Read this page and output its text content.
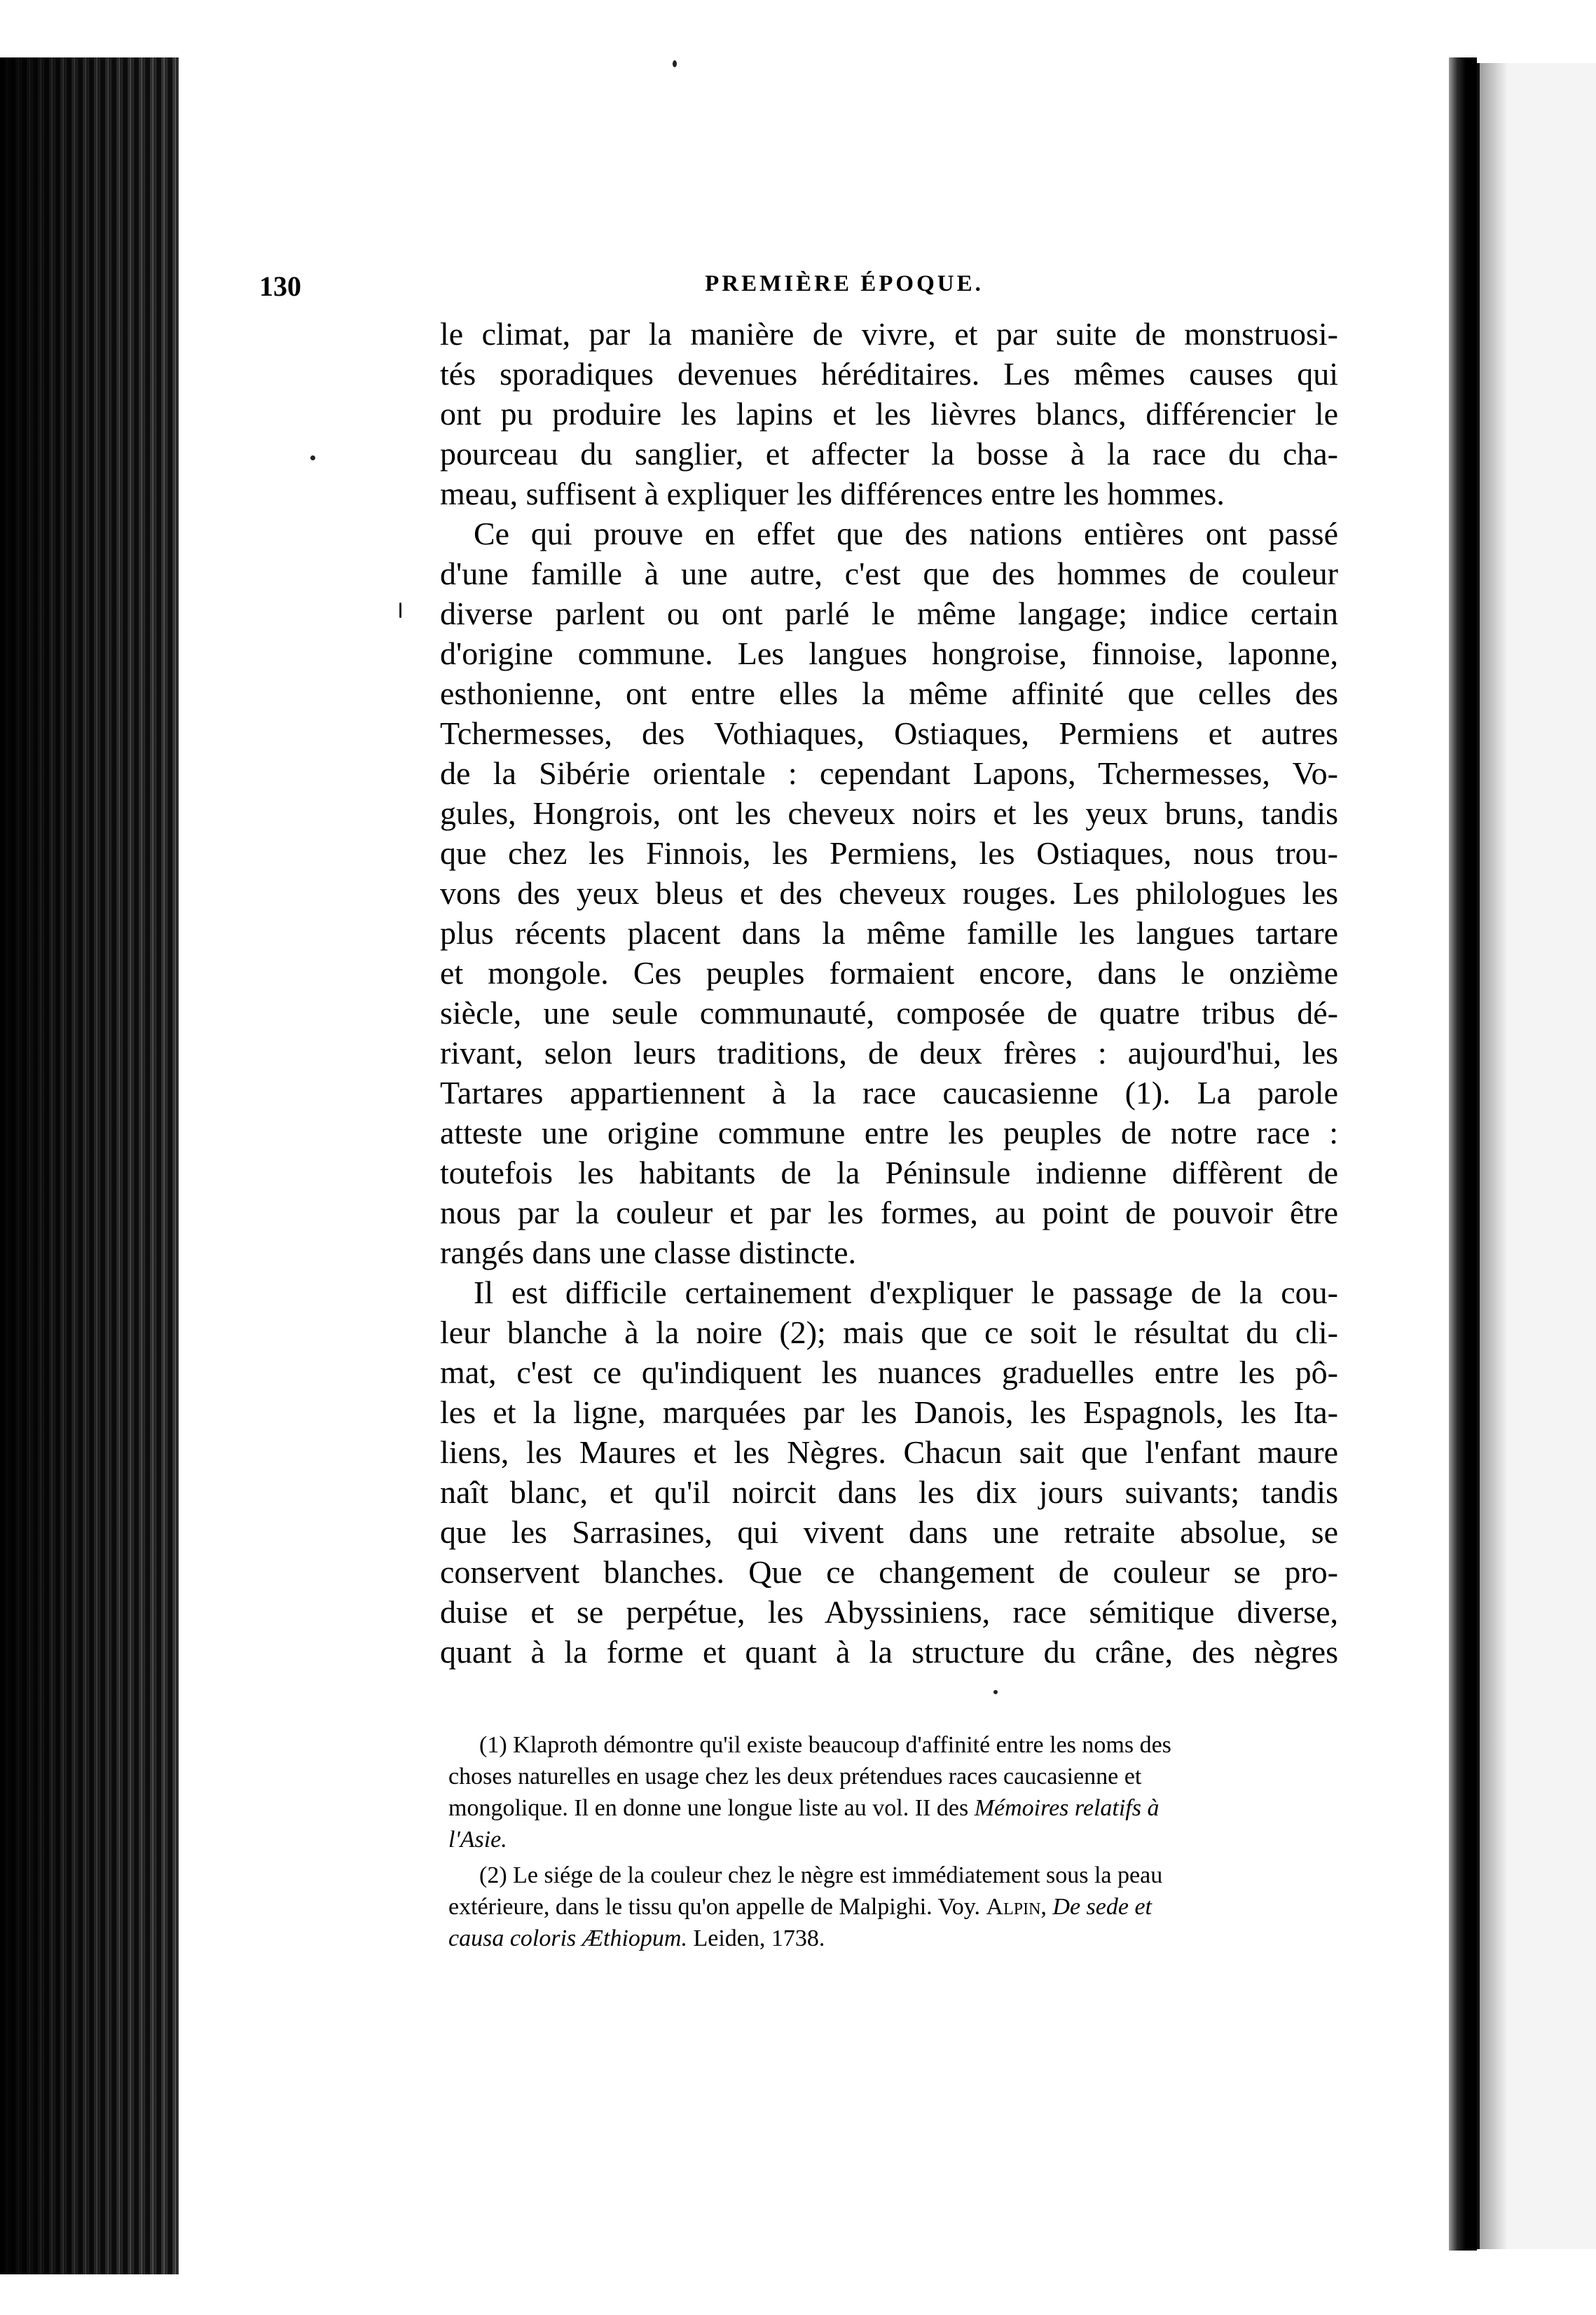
130	PREMIÈRE ÉPOQUE.

le climat, par la manière de vivre, et par suite de monstruosi-
tés sporadiques devenues héréditaires. Les mêmes causes qui
ont pu produire les lapins et les lièvres blancs, différencier le
pourceau du sanglier, et affecter la bosse à la race du cha-
meau, suffisent à expliquer les différences entre les hommes.

Ce qui prouve en effet que des nations entières ont passé
d'une famille à une autre, c'est que des hommes de couleur
diverse parlent ou ont parlé le même langage; indice certain
d'origine commune. Les langues hongroise, finnoise, laponne,
esthonienne, ont entre elles la même affinité que celles des
Tchermesses, des Vothiaques, Ostiaques, Permiens et autres
de la Sibérie orientale : cependant Lapons, Tchermesses, Vo-
gules, Hongrois, ont les cheveux noirs et les yeux bruns, tandis
que chez les Finnois, les Permiens, les Ostiaques, nous trou-
vons des yeux bleus et des cheveux rouges. Les philologues les
plus récents placent dans la même famille les langues tartare
et mongole. Ces peuples formaient encore, dans le onzième
siècle, une seule communauté, composée de quatre tribus dé-
rivant, selon leurs traditions, de deux frères : aujourd'hui, les
Tartares appartiennent à la race caucasienne (1). La parole
atteste une origine commune entre les peuples de notre race :
toutefois les habitants de la Péninsule indienne diffèrent de
nous par la couleur et par les formes, au point de pouvoir être
rangés dans une classe distincte.

Il est difficile certainement d'expliquer le passage de la cou-
leur blanche à la noire (2); mais que ce soit le résultat du cli-
mat, c'est ce qu'indiquent les nuances graduelles entre les pô-
les et la ligne, marquées par les Danois, les Espagnols, les Ita-
liens, les Maures et les Nègres. Chacun sait que l'enfant maure
naît blanc, et qu'il noircit dans les dix jours suivants; tandis
que les Sarrasines, qui vivent dans une retraite absolue, se
conservent blanches. Que ce changement de couleur se pro-
duise et se perpétue, les Abyssiniens, race sémitique diverse,
quant à la forme et quant à la structure du crâne, des nègres

(1) Klaproth démontre qu'il existe beaucoup d'affinité entre les noms des
choses naturelles en usage chez les deux prétendues races caucasienne et
mongolique. Il en donne une longue liste au vol. II des Mémoires relatifs à
l'Asie.
(2) Le siége de la couleur chez le nègre est immédiatement sous la peau
extérieure, dans le tissu qu'on appelle de Malpighi. Voy. Alpin, De sede et
causa coloris Æthiopum. Leiden, 1738.
